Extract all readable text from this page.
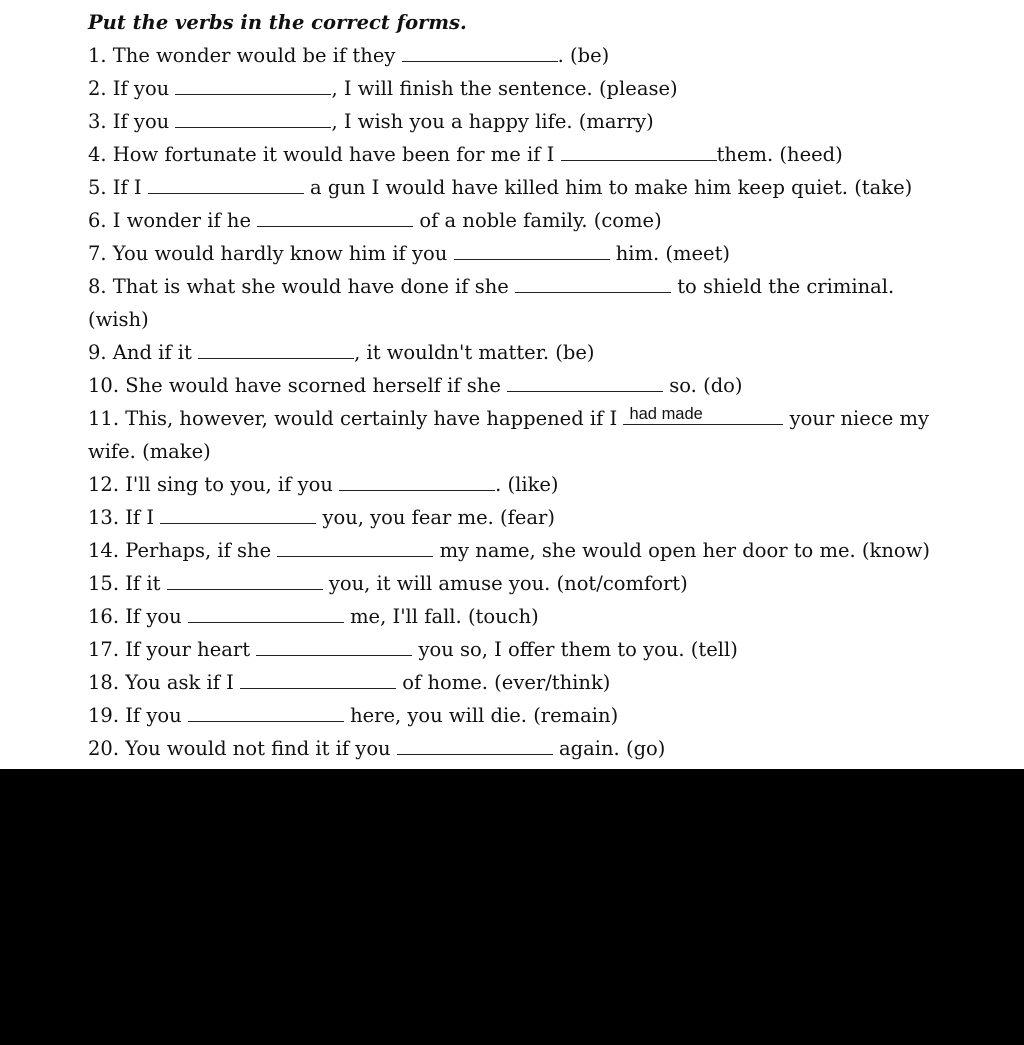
Put the verbs in the correct forms.
1. The wonder would be if they	. (be)
2. If you	, I will finish the sentence. (please)
3. If you	, I wish you a happy life. (marry)
4. How fortunate it would have been for me if I	them. (heed)
5. If I	a gun I would have killed him to make him keep quiet. (take)
6. I wonder if he	of a noble family. (come)
7. You would hardly know him if you	him. (meet)
8. That is what she would have done if she	to shield the criminal.
(wish)
9. And if it	, it wouldn't matter. (be)
10. She would have scorned herself if she	so. (do)
11. This, however, would certainly have happened if I had made	your niece my
wife. (make)
12. I'll sing to you, if you	. (like)
13. If I	you, you fear me. (fear)
14. Perhaps, if she	my name, she would open her door to me. (know)
15. If it	you, it will amuse you. (not/comfort)
16. If you	me, I'll fall. (touch)
17. If your heart	you so, I offer them to you. (tell)
18. You ask if I	of home. (ever/think)
19. If you	here, you will die. (remain)
20. You would not find it if you	again. (go)
